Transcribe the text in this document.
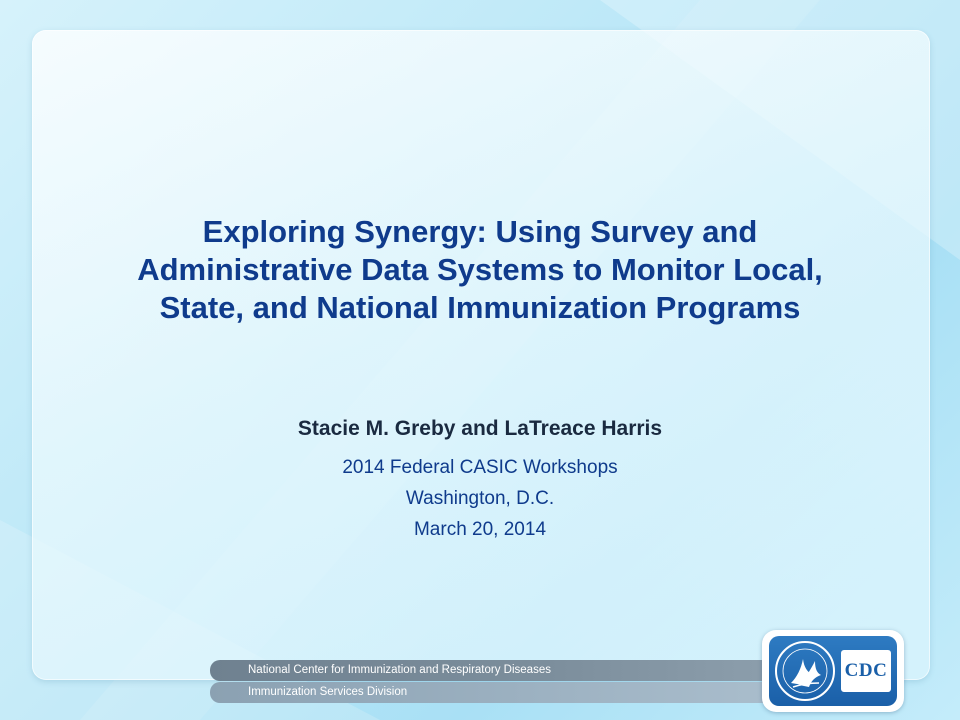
Exploring Synergy: Using Survey and
Administrative Data Systems to Monitor Local,
State, and National Immunization Programs
Stacie M. Greby and LaTreace Harris
2014 Federal CASIC Workshops
Washington, D.C.
March 20, 2014
National Center for Immunization and Respiratory Diseases
Immunization Services Division
CDC
